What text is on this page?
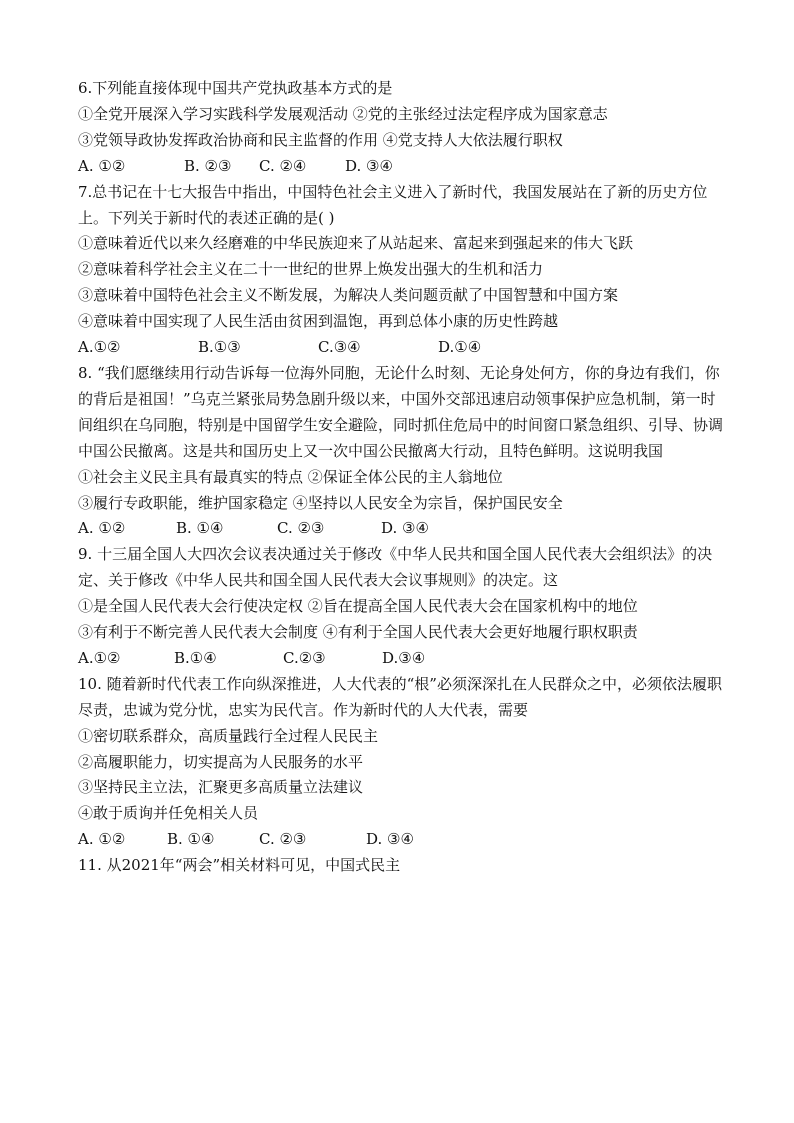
6.下列能直接体现中国共产党执政基本方式的是
①全党开展深入学习实践科学发展观活动 ②党的主张经过法定程序成为国家意志
③党领导政协发挥政治协商和民主监督的作用 ④党支持人大依法履行职权
A. ①②	B. ②③	C. ②④	D. ③④
7.总书记在十七大报告中指出，中国特色社会主义进入了新时代，我国发展站在了新的历史方位上。下列关于新时代的表述正确的是( )
①意味着近代以来久经磨难的中华民族迎来了从站起来、富起来到强起来的伟大飞跃
②意味着科学社会主义在二十一世纪的世界上焕发出强大的生机和活力
③意味着中国特色社会主义不断发展，为解决人类问题贡献了中国智慧和中国方案
④意味着中国实现了人民生活由贫困到温饱，再到总体小康的历史性跨越
A.①②	B.①③	C.③④	D.①④
8. “我们愿继续用行动告诉每一位海外同胞，无论什么时刻、无论身处何方，你的身边有我们，你的背后是祖国！”乌克兰紧张局势急剧升级以来，中国外交部迅速启动领事保护应急机制，第一时间组织在乌同胞，特别是中国留学生安全避险，同时抓住危局中的时间窗口紧急组织、引导、协调中国公民撤离。这是共和国历史上又一次中国公民撤离大行动，且特色鲜明。这说明我国
①社会主义民主具有最真实的特点 ②保证全体公民的主人翁地位
③履行专政职能，维护国家稳定 ④坚持以人民安全为宗旨，保护国民安全
A. ①②	B. ①④	C. ②③	D. ③④
9. 十三届全国人大四次会议表决通过关于修改《中华人民共和国全国人民代表大会组织法》的决定、关于修改《中华人民共和国全国人民代表大会议事规则》的决定。这
①是全国人民代表大会行使决定权 ②旨在提高全国人民代表大会在国家机构中的地位
③有利于不断完善人民代表大会制度 ④有利于全国人民代表大会更好地履行职权职责
A.①②	B.①④	C.②③	D.③④
10. 随着新时代代表工作向纵深推进，人大代表的“根”必须深深扎在人民群众之中，必须依法履职尽责，忠诚为党分忧，忠实为民代言。作为新时代的人大代表，需要
①密切联系群众，高质量践行全过程人民民主
②高履职能力，切实提高为人民服务的水平
③坚持民主立法，汇聚更多高质量立法建议
④敢于质询并任免相关人员
A. ①②	B. ①④	C. ②③	D. ③④
11. 从2021年“两会”相关材料可见，中国式民主
